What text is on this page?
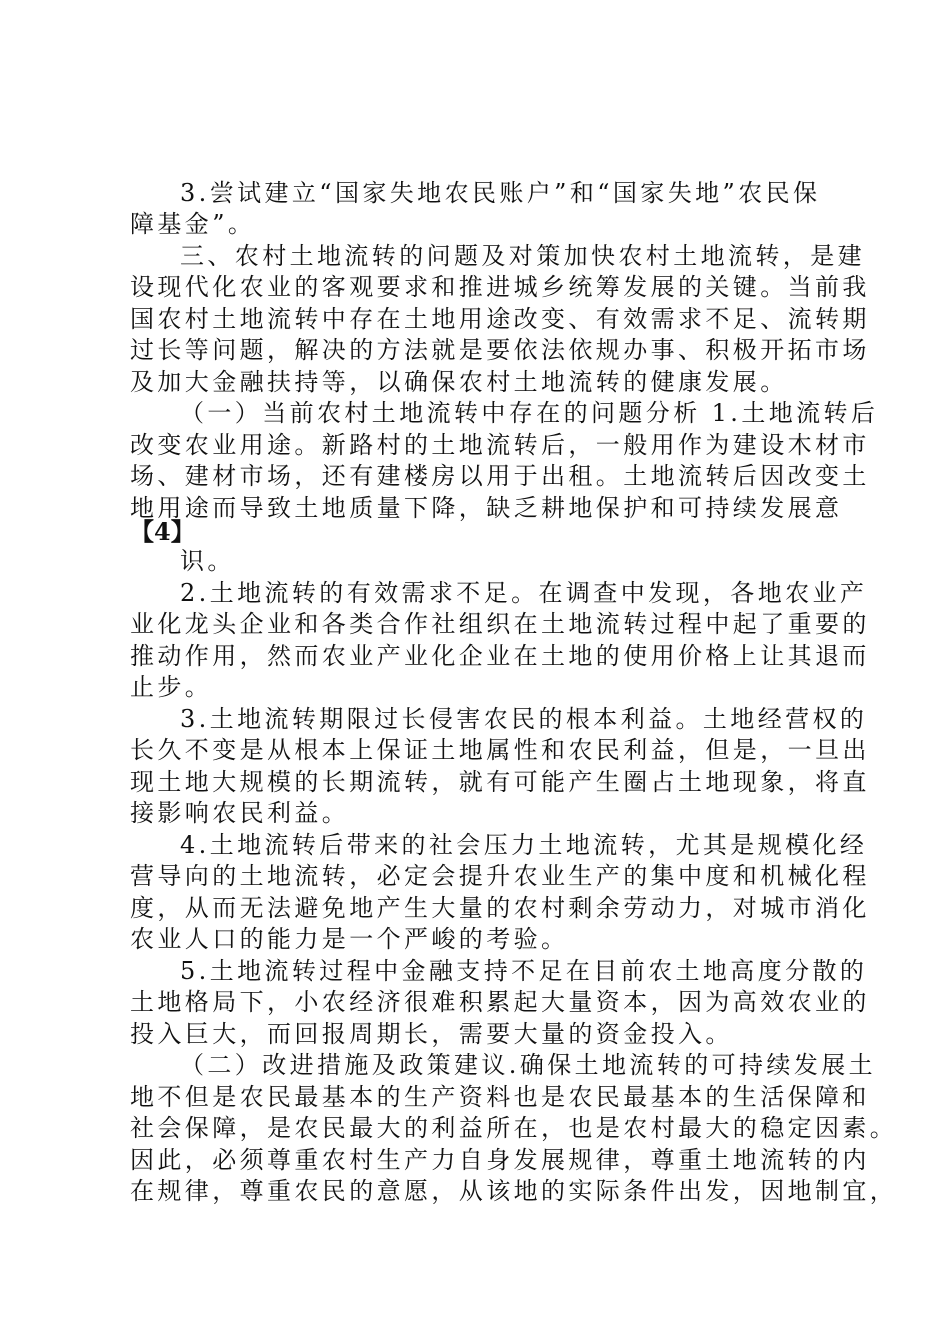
3.尝试建立“国家失地农民账户”和“国家失地”农民保
障基金”。
三、农村土地流转的问题及对策加快农村土地流转，是建
设现代化农业的客观要求和推进城乡统筹发展的关键。当前我
国农村土地流转中存在土地用途改变、有效需求不足、流转期
过长等问题，解决的方法就是要依法依规办事、积极开拓市场
及加大金融扶持等，以确保农村土地流转的健康发展。
（一）当前农村土地流转中存在的问题分析 1.土地流转后
改变农业用途。新路村的土地流转后，一般用作为建设木材市
场、建材市场，还有建楼房以用于出租。土地流转后因改变土
地用途而导致土地质量下降，缺乏耕地保护和可持续发展意
【4】
识。
2.土地流转的有效需求不足。在调查中发现，各地农业产
业化龙头企业和各类合作社组织在土地流转过程中起了重要的
推动作用，然而农业产业化企业在土地的使用价格上让其退而
止步。
3.土地流转期限过长侵害农民的根本利益。土地经营权的
长久不变是从根本上保证土地属性和农民利益，但是，一旦出
现土地大规模的长期流转，就有可能产生圈占土地现象，将直
接影响农民利益。
4.土地流转后带来的社会压力土地流转，尤其是规模化经
营导向的土地流转，必定会提升农业生产的集中度和机械化程
度，从而无法避免地产生大量的农村剩余劳动力，对城市消化
农业人口的能力是一个严峻的考验。
5.土地流转过程中金融支持不足在目前农土地高度分散的
土地格局下，小农经济很难积累起大量资本，因为高效农业的
投入巨大，而回报周期长，需要大量的资金投入。
（二）改进措施及政策建议.确保土地流转的可持续发展土
地不但是农民最基本的生产资料也是农民最基本的生活保障和
社会保障，是农民最大的利益所在，也是农村最大的稳定因素。
因此，必须尊重农村生产力自身发展规律，尊重土地流转的内
在规律，尊重农民的意愿，从该地的实际条件出发，因地制宜，
